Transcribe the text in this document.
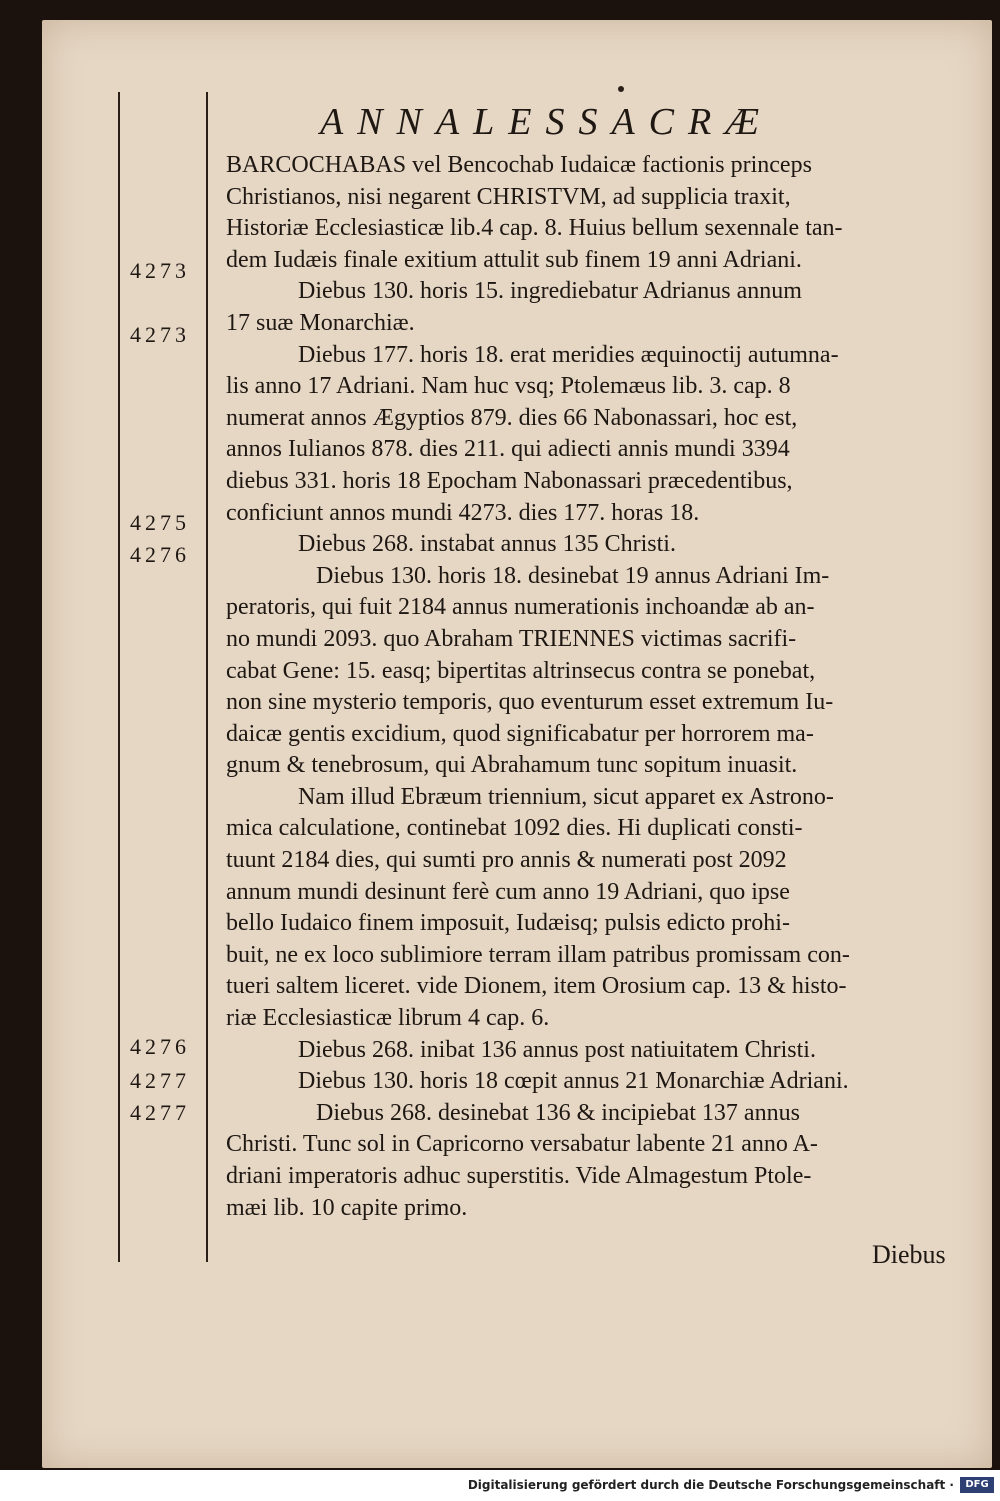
ANNALESSACRÆ
4273
4273
4275
4276
4276
4277
4277
BARCOCHABAS vel Bencochab Iudaicæ factionis princeps
Christianos, nisi negarent CHRISTVM, ad supplicia traxit,
Historiæ Ecclesiasticæ lib.4 cap. 8. Huius bellum sexennale tan-
dem Iudæis finale exitium attulit sub finem 19 anni Adriani.
Diebus 130. horis 15. ingrediebatur Adrianus annum
17 suæ Monarchiæ.
Diebus 177. horis 18. erat meridies æquinoctij autumna-
lis anno 17 Adriani. Nam huc vsq; Ptolemæus lib. 3. cap. 8
numerat annos Ægyptios 879. dies 66 Nabonassari, hoc est,
annos Iulianos 878. dies 211. qui adiecti annis mundi 3394
diebus 331. horis 18 Epocham Nabonassari præcedentibus,
conficiunt annos mundi 4273. dies 177. horas 18.
Diebus 268. instabat annus 135 Christi.
Diebus 130. horis 18. desinebat 19 annus Adriani Im-
peratoris, qui fuit 2184 annus numerationis inchoandæ ab an-
no mundi 2093. quo Abraham TRIENNES victimas sacrifi-
cabat Gene: 15. easq; bipertitas altrinsecus contra se ponebat,
non sine mysterio temporis, quo eventurum esset extremum Iu-
daicæ gentis excidium, quod significabatur per horrorem ma-
gnum & tenebrosum, qui Abrahamum tunc sopitum inuasit.
Nam illud Ebræum triennium, sicut apparet ex Astrono-
mica calculatione, continebat 1092 dies. Hi duplicati consti-
tuunt 2184 dies, qui sumti pro annis & numerati post 2092
annum mundi desinunt ferè cum anno 19 Adriani, quo ipse
bello Iudaico finem imposuit, Iudæisq; pulsis edicto prohi-
buit, ne ex loco sublimiore terram illam patribus promissam con-
tueri saltem liceret. vide Dionem, item Orosium cap. 13 & histo-
riæ Ecclesiasticæ librum 4 cap. 6.
Diebus 268. inibat 136 annus post natiuitatem Christi.
Diebus 130. horis 18 cœpit annus 21 Monarchiæ Adriani.
Diebus 268. desinebat 136 & incipiebat 137 annus
Christi. Tunc sol in Capricorno versabatur labente 21 anno A-
driani imperatoris adhuc superstitis. Vide Almagestum Ptole-
mæi lib. 10 capite primo.
Diebus
Digitalisierung gefördert durch die Deutsche Forschungsgemeinschaft ·	DFG
